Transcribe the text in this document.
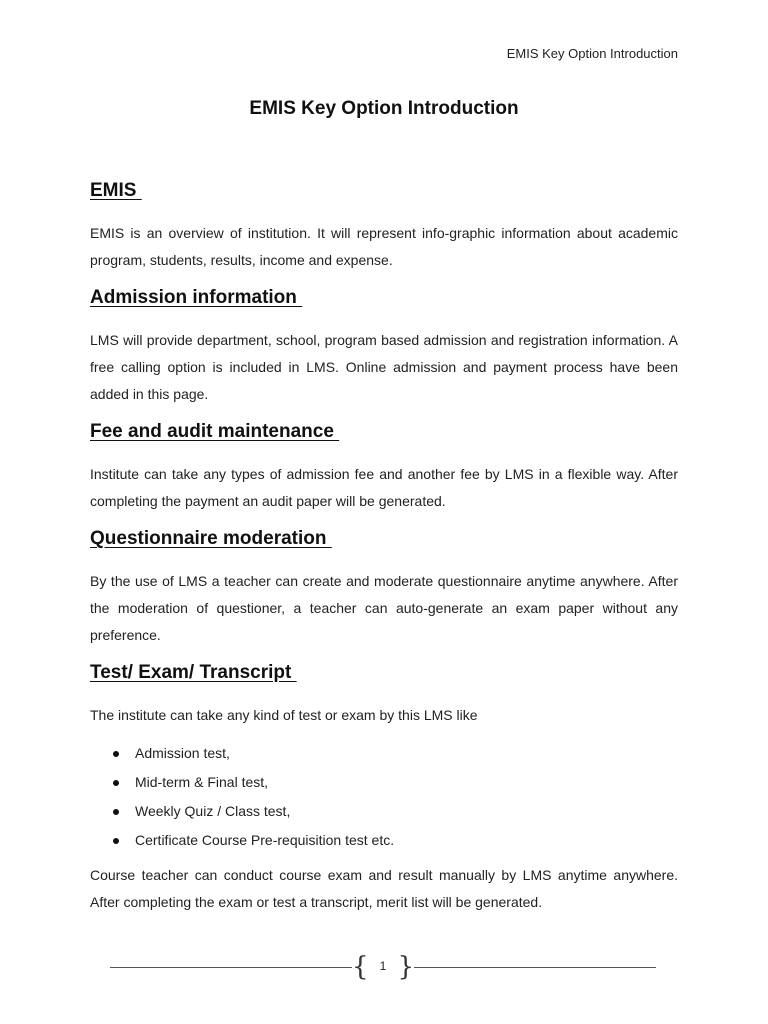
EMIS Key Option Introduction
EMIS Key Option Introduction
EMIS

EMIS is an overview of institution. It will represent info-graphic information about academic program, students, results, income and expense.

Admission information

LMS will provide department, school, program based admission and registration information. A free calling option is included in LMS. Online admission and payment process have been added in this page.

Fee and audit maintenance

Institute can take any types of admission fee and another fee by LMS in a flexible way. After completing the payment an audit paper will be generated.

Questionnaire moderation

By the use of LMS a teacher can create and moderate questionnaire anytime anywhere. After the moderation of questioner, a teacher can auto-generate an exam paper without any preference.

Test/ Exam/ Transcript

The institute can take any kind of test or exam by this LMS like

Admission test,
Mid-term & Final test,
Weekly Quiz / Class test,
Certificate Course Pre-requisition test etc.

Course teacher can conduct course exam and result manually by LMS anytime anywhere. After completing the exam or test a transcript, merit list will be generated.

{ 1 }
